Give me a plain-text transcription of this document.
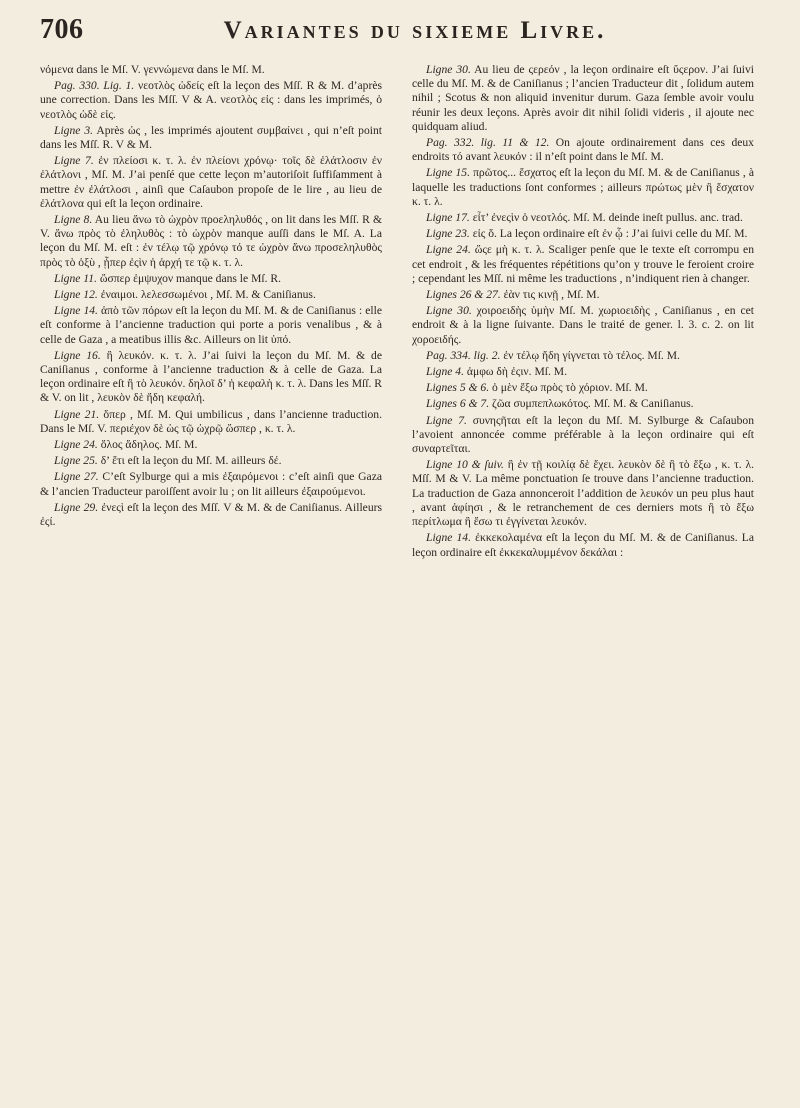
706	Variantes du sixieme Livre.

νόμενα dans le Mſ. V. γεννώμενα dans le Mſ. M.

Pag. 330. Lig. 1. νεοτλὸς ὠδείς eſt la leçon des Mſſ. R & M. d’après une correction. Dans les Mſſ. V & A. νεοτλὸς εἰς : dans les imprimés, ὁ νεοτλὸς ὠδὲ εἰς.

Ligne 3. Après ὡς , les imprimés ajoutent συμβαίνει , qui n’eſt point dans les Mſſ. R. V & M.

Ligne 7. ἐν πλείοσι κ. τ. λ. ἐν πλείονι χρόνῳ· τοῖς δὲ ἐλάτλοσιν ἐν ἐλάτλονι , Mſ. M. J’ai penſé que cette leçon m’autoriſoit ſuffiſamment à mettre ἐν ἐλάτλοσι , ainſi que Caſaubon propoſe de le lire , au lieu de ἐλάτλονα qui eſt la leçon ordinaire.

Ligne 8. Au lieu ἄνω τὸ ὠχρὸν προεληλυθός , on lit dans les Mſſ. R & V. ἄνω πρὸς τὸ ἐληλυθὸς : τὸ ὠχρὸν manque auſſi dans le Mſ. A. La leçon du Mſ. M. eſt : ἐν τέλῳ τῷ χρόνῳ τό τε ὠχρὸν ἄνω προσεληλυθὸς πρὸς τὸ ὀξὺ , ᾗπερ ἐςὶν ἡ ἀρχή τε τῷ κ. τ. λ.

Ligne 11. ὥσπερ ἐμψυχον manque dans le Mſ. R.

Ligne 12. ἐναιμοι. λελεσσωμένοι , Mſ. M. & Caniſianus.

Ligne 14. ἀπὸ τῶν πόρων eſt la leçon du Mſ. M. & de Caniſianus : elle eſt conforme à l’ancienne traduction qui porte a poris venalibus , & à celle de Gaza , a meatibus illis &c. Ailleurs on lit ὑπό.

Ligne 16. ἢ λευκόν. κ. τ. λ. J’ai ſuivi la leçon du Mſ. M. & de Caniſianus , conforme à l’ancienne traduction & à celle de Gaza. La leçon ordinaire eſt ἢ τὸ λευκόν. δηλοῖ δ’ ἡ κεφαλὴ κ. τ. λ. Dans les Mſſ. R & V. on lit , λευκὸν δὲ ἤδη κεφαλή.

Ligne 21. ὅπερ , Mſ. M. Qui umbilicus , dans l’ancienne traduction. Dans le Mſ. V. περιέχον δὲ ὡς τῷ ὠχρῷ ὥσπερ , κ. τ. λ.

Ligne 24. ὅλος ἄδηλος. Mſ. M.

Ligne 25. δ’ ἔτι eſt la leçon du Mſ. M. ailleurs δέ.

Ligne 27. C’eſt Sylburge qui a mis ἐξαιρόμενοι : c’eſt ainſi que Gaza & l’ancien Traducteur paroiſſent avoir lu ; on lit ailleurs ἐξαιρούμενοι.

Ligne 29. ἐνεςὶ eſt la leçon des Mſſ. V & M. & de Caniſianus. Ailleurs ἐςί.

Ligne 30. Au lieu de ςερεόν , la leçon ordinaire eſt ὕςερον. J’ai ſuivi celle du Mſ. M. & de Caniſianus ; l’ancien Traducteur dit , ſolidum autem nihil ; Scotus & non aliquid invenitur durum. Gaza ſemble avoir voulu réunir les deux leçons. Après avoir dit nihil ſolidi videris , il ajoute nec quidquam aliud.

Pag. 332. lig. 11 & 12. On ajoute ordinairement dans ces deux endroits τό avant λευκόν : il n’eſt point dans le Mſ. M.

Ligne 15. πρῶτος... ἔσχατος eſt la leçon du Mſ. M. & de Caniſianus , à laquelle les traductions ſont conformes ; ailleurs πρώτως μὲν ἢ ἔσχατον κ. τ. λ.

Ligne 17. εἶτ’ ἐνεςὶν ὁ νεοτλός. Mſ. M. deinde ineſt pullus. anc. trad.

Ligne 23. εἰς ὅ. La leçon ordinaire eſt ἐν ᾧ : J’ai ſuivi celle du Mſ. M.

Ligne 24. ὥςε μὴ κ. τ. λ. Scaliger penſe que le texte eſt corrompu en cet endroit , & les fréquentes répétitions qu’on y trouve le feroient croire ; cependant les Mſſ. ni même les traductions , n’indiquent rien à changer.

Lignes 26 & 27. ἐὰν τις κινῇ , Mſ. M.

Ligne 30. χοιροειδὴς ὑμὴν Mſ. M. χωριοειδὴς , Caniſianus , en cet endroit & à la ligne ſuivante. Dans le traité de gener. l. 3. c. 2. on lit χοροειδής.

Pag. 334. lig. 2. ἐν τέλῳ ἤδη γίγνεται τὸ τέλος. Mſ. M.

Ligne 4. ἀμφω δὴ ἐςιν. Mſ. M.

Lignes 5 & 6. ὁ μὲν ἔξω πρὸς τὸ χόριον. Mſ. M.

Lignes 6 & 7. ζῶα συμπεπλωκότος. Mſ. M. & Caniſianus.

Ligne 7. συνηςῆται eſt la leçon du Mſ. M. Sylburge & Caſaubon l’avoient annoncée comme préférable à la leçon ordinaire qui eſt συναρτεῖται.

Ligne 10 & ſuiv. ἢ ἐν τῇ κοιλίᾳ δὲ ἔχει. λευκὸν δὲ ἢ τὸ ἔξω , κ. τ. λ. Mſſ. M & V. La même ponctuation ſe trouve dans l’ancienne traduction. La traduction de Gaza annonceroit l’addition de λευκόν un peu plus haut , avant ἀφίησι , & le retranchement de ces derniers mots ἢ τὸ ἔξω περίτλωμα ἢ ἔσω τι ἐγγίνεται λευκόν.

Ligne 14. ἐκκεκολαμένα eſt la leçon du Mſ. M. & de Caniſianus. La leçon ordinaire eſt ἐκκεκαλυμμένον δεκάλαι :
